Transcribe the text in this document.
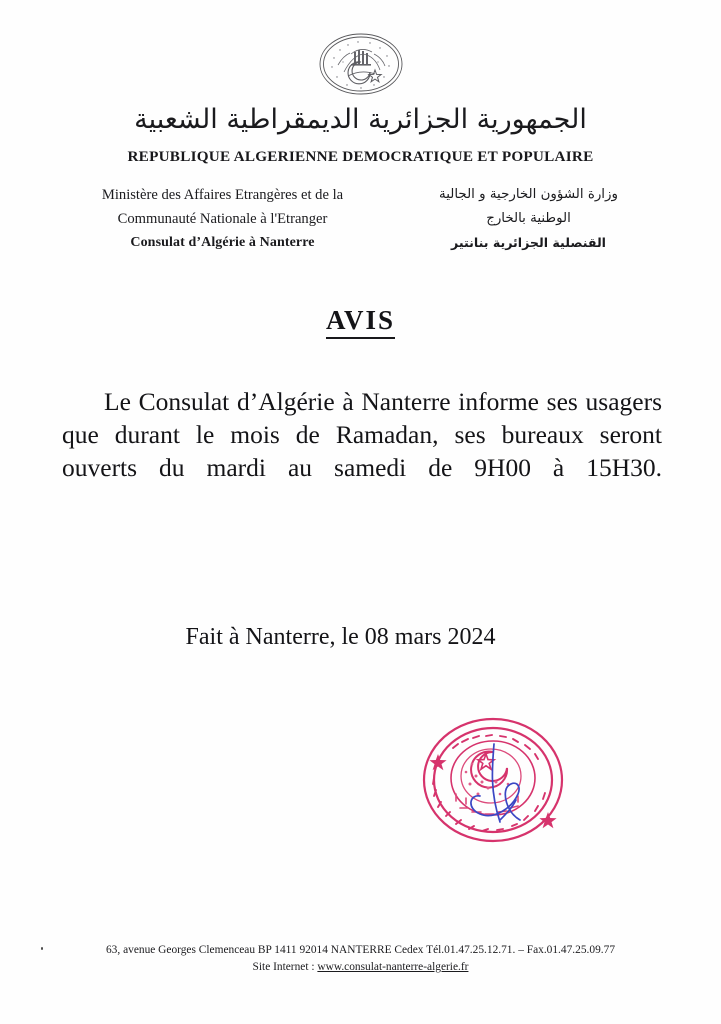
الجمهورية الجزائرية الديمقراطية الشعبية
REPUBLIQUE ALGERIENNE DEMOCRATIQUE ET POPULAIRE
Ministère des Affaires Etrangères et de la
Communauté Nationale à l'Etranger
Consulat d’Algérie à Nanterre
وزارة الشؤون الخارجية و الجالية
الوطنية بالخارج
القنصلية الجزائرية بنانتير
AVIS
Le Consulat d’Algérie à Nanterre informe ses usagers que durant le mois de Ramadan, ses bureaux seront ouverts du mardi au samedi de 9H00 à 15H30.
Fait à Nanterre, le 08 mars 2024
63, avenue Georges Clemenceau BP 1411 92014 NANTERRE Cedex Tél.01.47.25.12.71. – Fax.01.47.25.09.77
Site Internet : www.consulat-nanterre-algerie.fr
